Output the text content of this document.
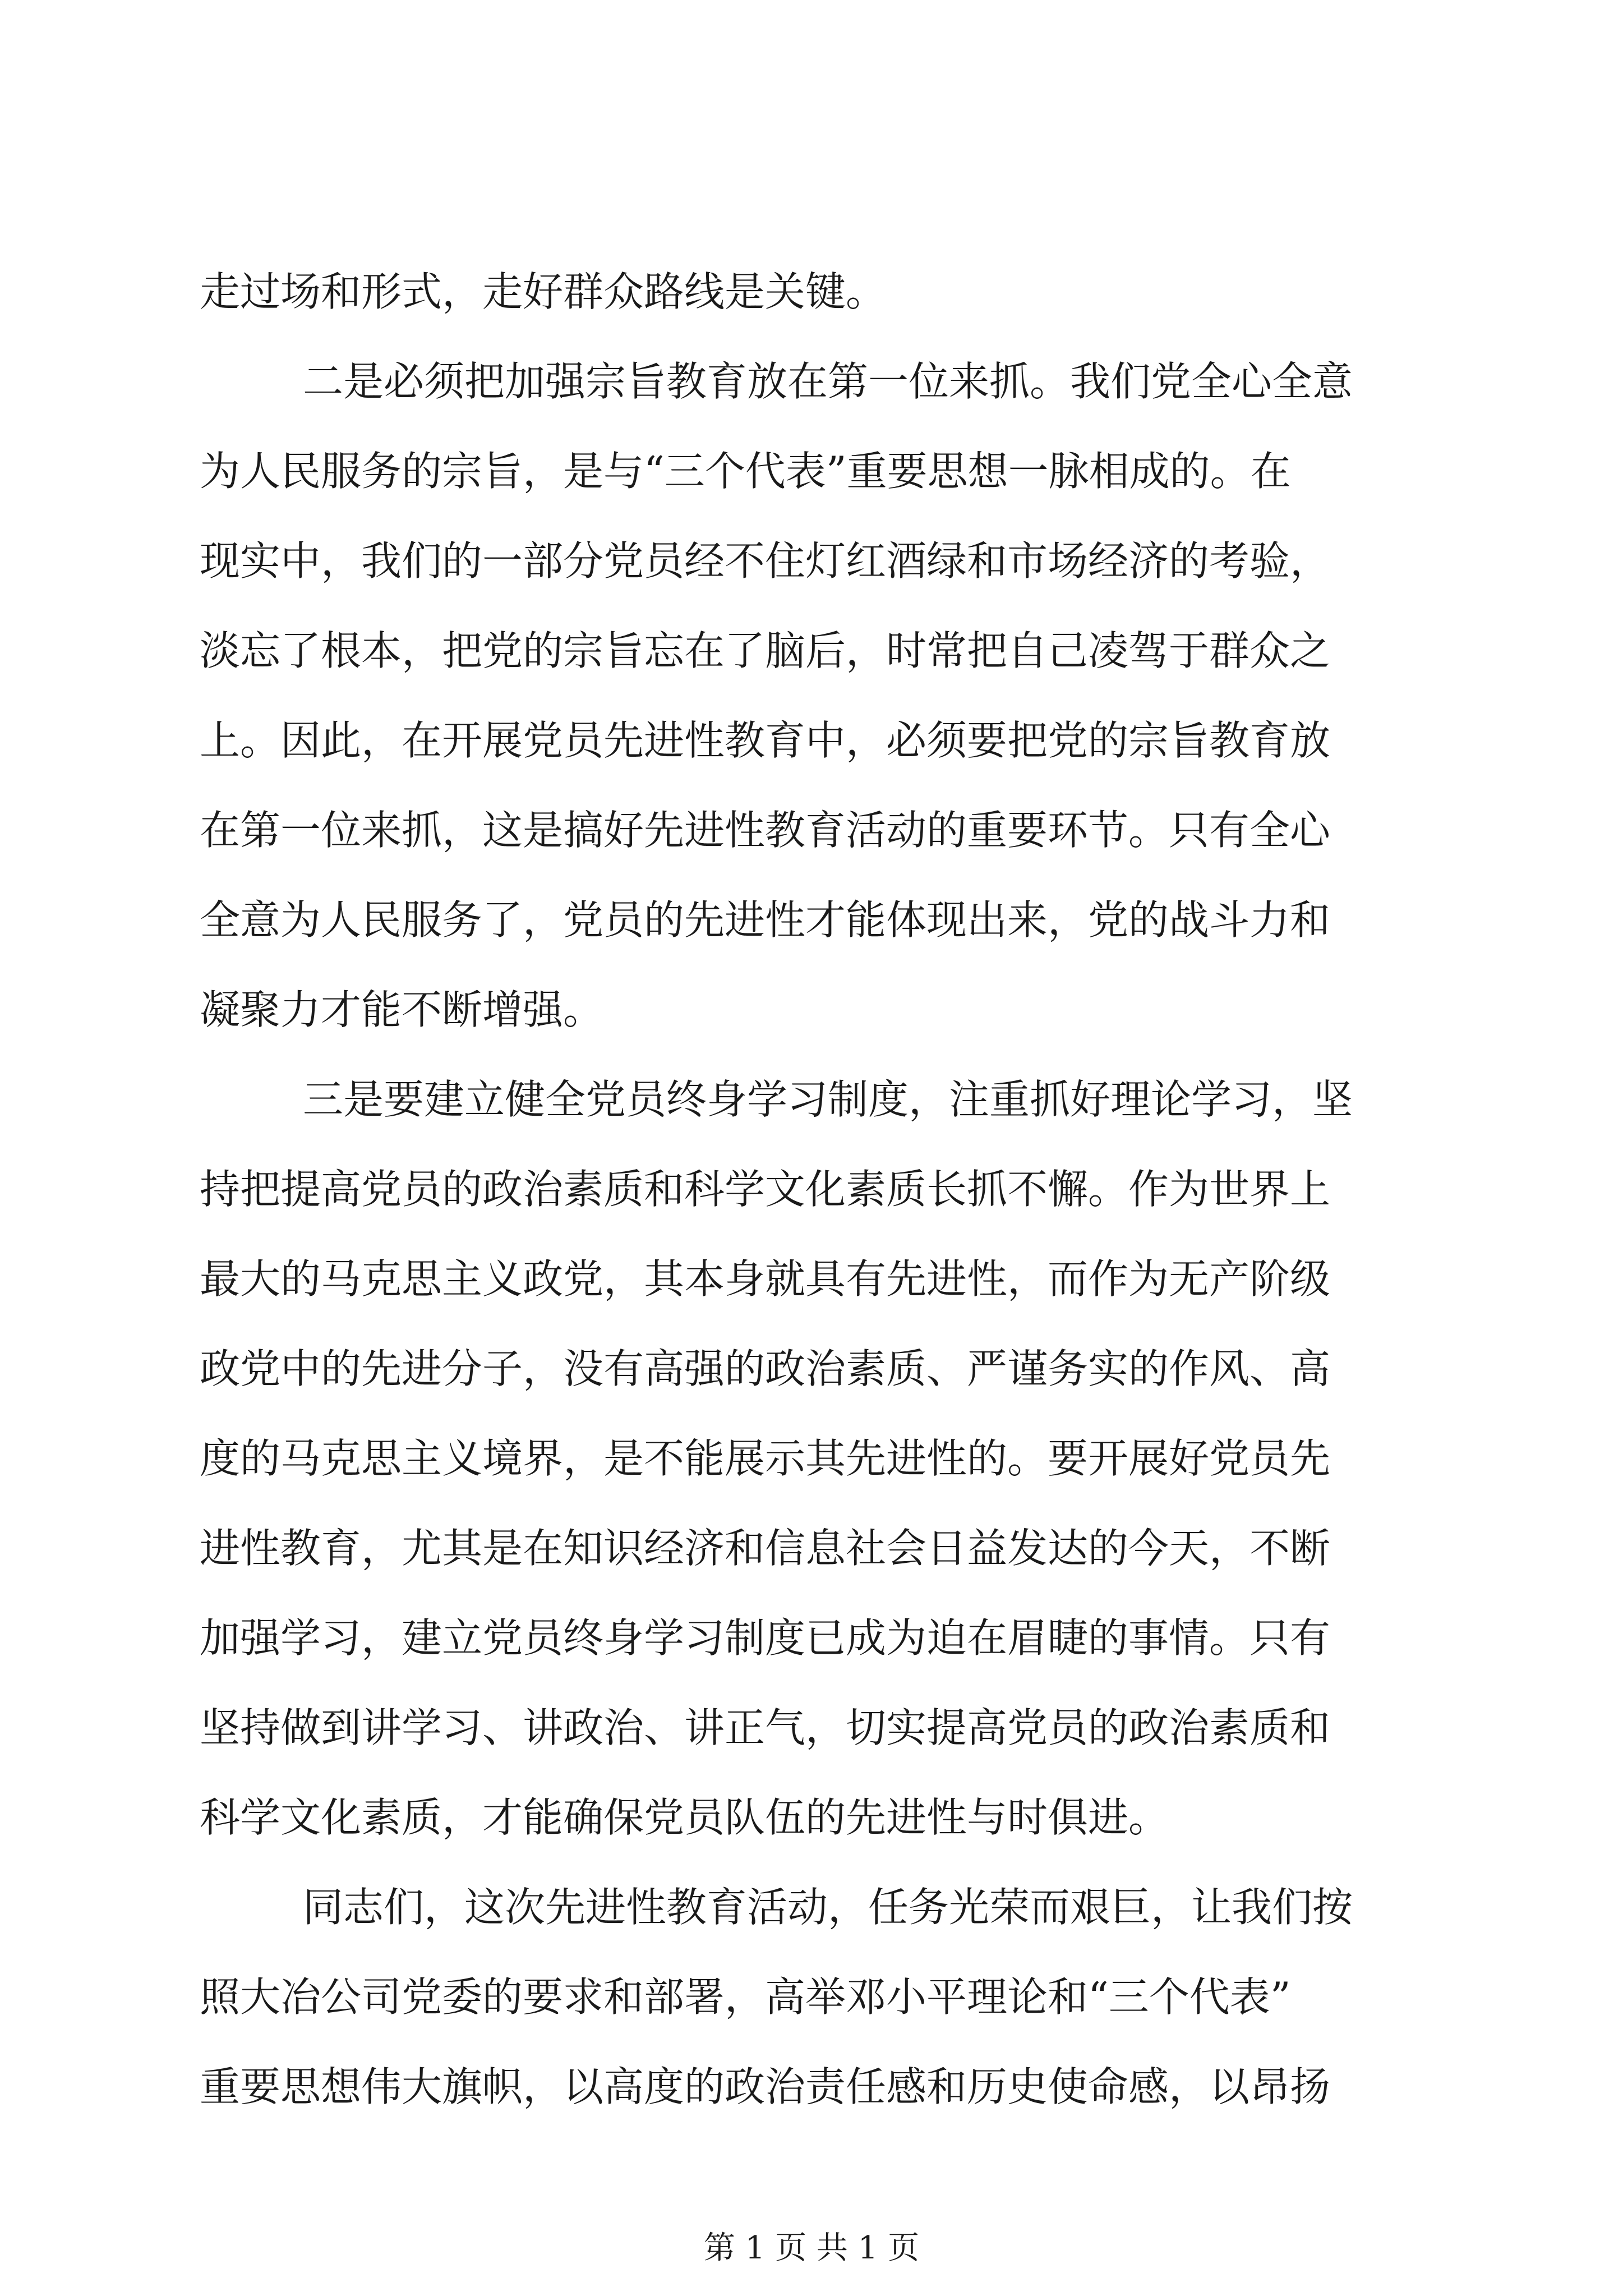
走过场和形式，走好群众路线是关键。
二是必须把加强宗旨教育放在第一位来抓。我们党全心全意
为人民服务的宗旨，是与“三个代表”重要思想一脉相成的。在
现实中，我们的一部分党员经不住灯红酒绿和市场经济的考验，
淡忘了根本，把党的宗旨忘在了脑后，时常把自己凌驾于群众之
上。因此，在开展党员先进性教育中，必须要把党的宗旨教育放
在第一位来抓，这是搞好先进性教育活动的重要环节。只有全心
全意为人民服务了，党员的先进性才能体现出来，党的战斗力和
凝聚力才能不断增强。
三是要建立健全党员终身学习制度，注重抓好理论学习，坚
持把提高党员的政治素质和科学文化素质长抓不懈。作为世界上
最大的马克思主义政党，其本身就具有先进性，而作为无产阶级
政党中的先进分子，没有高强的政治素质、严谨务实的作风、高
度的马克思主义境界，是不能展示其先进性的。要开展好党员先
进性教育，尤其是在知识经济和信息社会日益发达的今天，不断
加强学习，建立党员终身学习制度已成为迫在眉睫的事情。只有
坚持做到讲学习、讲政治、讲正气，切实提高党员的政治素质和
科学文化素质，才能确保党员队伍的先进性与时俱进。
同志们，这次先进性教育活动，任务光荣而艰巨，让我们按
照大冶公司党委的要求和部署，高举邓小平理论和“三个代表”
重要思想伟大旗帜，以高度的政治责任感和历史使命感，以昂扬
第 1 页 共 1 页
